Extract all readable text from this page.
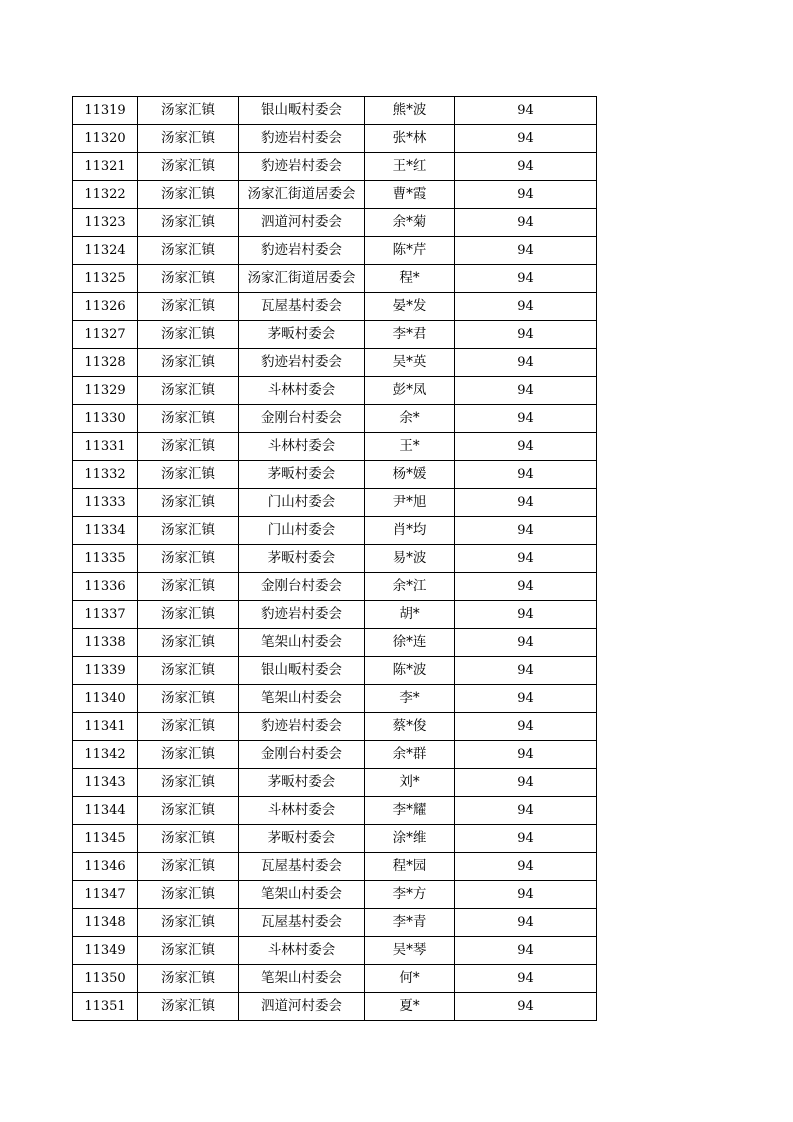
11319	汤家汇镇	银山畈村委会	熊*波	94
11320	汤家汇镇	豹迹岩村委会	张*林	94
11321	汤家汇镇	豹迹岩村委会	王*红	94
11322	汤家汇镇	汤家汇街道居委会	曹*霞	94
11323	汤家汇镇	泗道河村委会	余*菊	94
11324	汤家汇镇	豹迹岩村委会	陈*芹	94
11325	汤家汇镇	汤家汇街道居委会	程*	94
11326	汤家汇镇	瓦屋基村委会	晏*发	94
11327	汤家汇镇	茅畈村委会	李*君	94
11328	汤家汇镇	豹迹岩村委会	吴*英	94
11329	汤家汇镇	斗林村委会	彭*凤	94
11330	汤家汇镇	金刚台村委会	余*	94
11331	汤家汇镇	斗林村委会	王*	94
11332	汤家汇镇	茅畈村委会	杨*媛	94
11333	汤家汇镇	门山村委会	尹*旭	94
11334	汤家汇镇	门山村委会	肖*均	94
11335	汤家汇镇	茅畈村委会	易*波	94
11336	汤家汇镇	金刚台村委会	余*江	94
11337	汤家汇镇	豹迹岩村委会	胡*	94
11338	汤家汇镇	笔架山村委会	徐*连	94
11339	汤家汇镇	银山畈村委会	陈*波	94
11340	汤家汇镇	笔架山村委会	李*	94
11341	汤家汇镇	豹迹岩村委会	蔡*俊	94
11342	汤家汇镇	金刚台村委会	余*群	94
11343	汤家汇镇	茅畈村委会	刘*	94
11344	汤家汇镇	斗林村委会	李*耀	94
11345	汤家汇镇	茅畈村委会	涂*维	94
11346	汤家汇镇	瓦屋基村委会	程*园	94
11347	汤家汇镇	笔架山村委会	李*方	94
11348	汤家汇镇	瓦屋基村委会	李*青	94
11349	汤家汇镇	斗林村委会	吴*琴	94
11350	汤家汇镇	笔架山村委会	何*	94
11351	汤家汇镇	泗道河村委会	夏*	94
